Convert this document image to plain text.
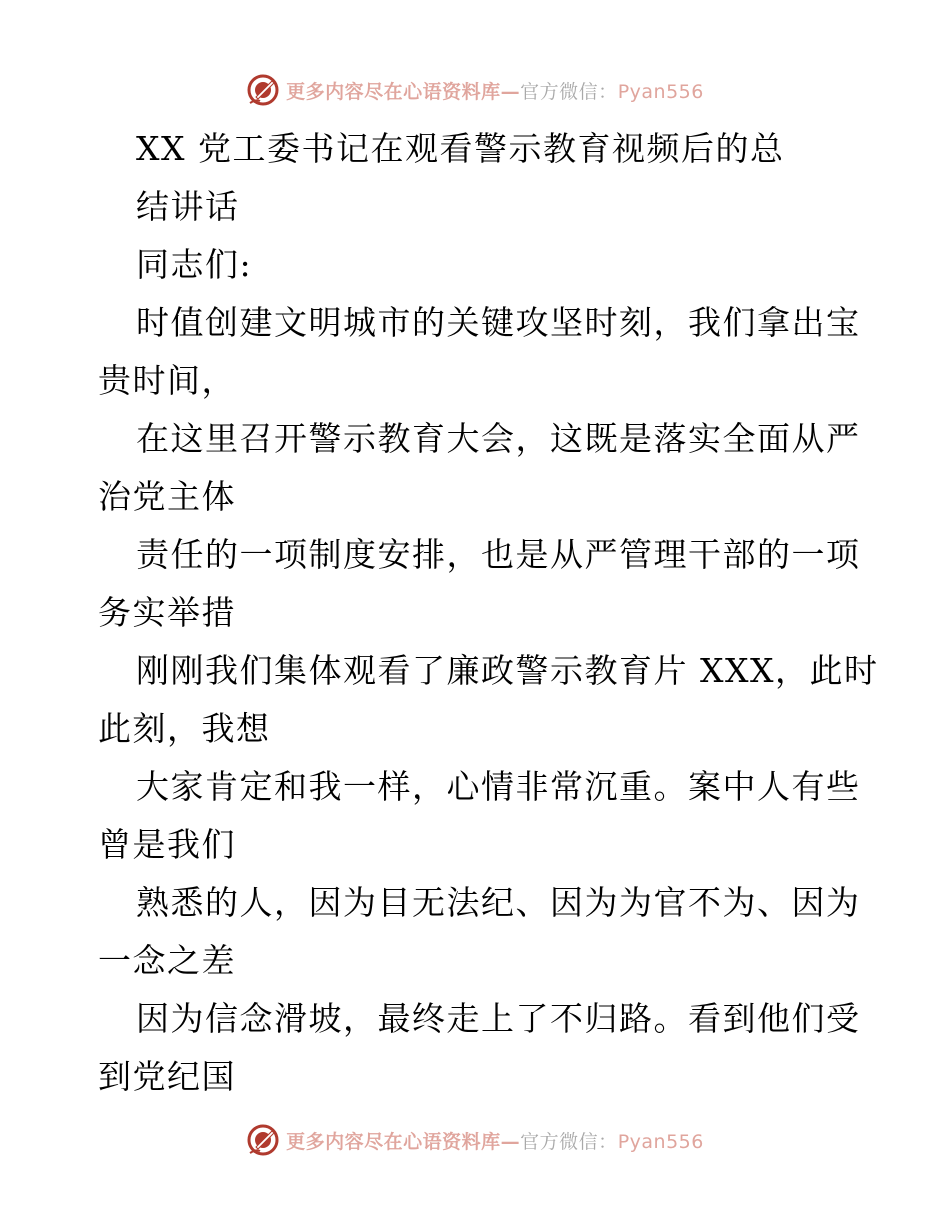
更多内容尽在心语资料库—官方微信：Pyan556
XX 党工委书记在观看警示教育视频后的总
结讲话
同志们:
时值创建文明城市的关键攻坚时刻，我们拿出宝
贵时间，
在这里召开警示教育大会，这既是落实全面从严
治党主体
责任的一项制度安排，也是从严管理干部的一项
务实举措
刚刚我们集体观看了廉政警示教育片 XXX，此时
此刻，我想
大家肯定和我一样，心情非常沉重。案中人有些
曾是我们
熟悉的人，因为目无法纪、因为为官不为、因为
一念之差
因为信念滑坡，最终走上了不归路。看到他们受
到党纪国
更多内容尽在心语资料库—官方微信：Pyan556
